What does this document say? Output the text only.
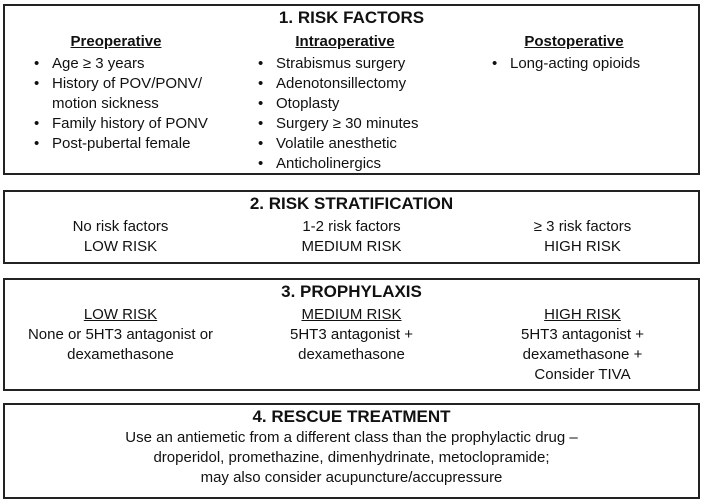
1. RISK FACTORS
Preoperative
• Age ≥ 3 years
• History of POV/PONV/
motion sickness
• Family history of PONV
• Post-pubertal female
Intraoperative
• Strabismus surgery
• Adenotonsillectomy
• Otoplasty
• Surgery ≥ 30 minutes
• Volatile anesthetic
• Anticholinergics
Postoperative
• Long-acting opioids
2. RISK STRATIFICATION
No risk factors
LOW RISK
1-2 risk factors
MEDIUM RISK
≥ 3 risk factors
HIGH RISK
3. PROPHYLAXIS
LOW RISK
None or 5HT3 antagonist or
dexamethasone
MEDIUM RISK
5HT3 antagonist +
dexamethasone
HIGH RISK
5HT3 antagonist +
dexamethasone +
Consider TIVA
4. RESCUE TREATMENT
Use an antiemetic from a different class than the prophylactic drug –
droperidol, promethazine, dimenhydrinate, metoclopramide;
may also consider acupuncture/accupressure
